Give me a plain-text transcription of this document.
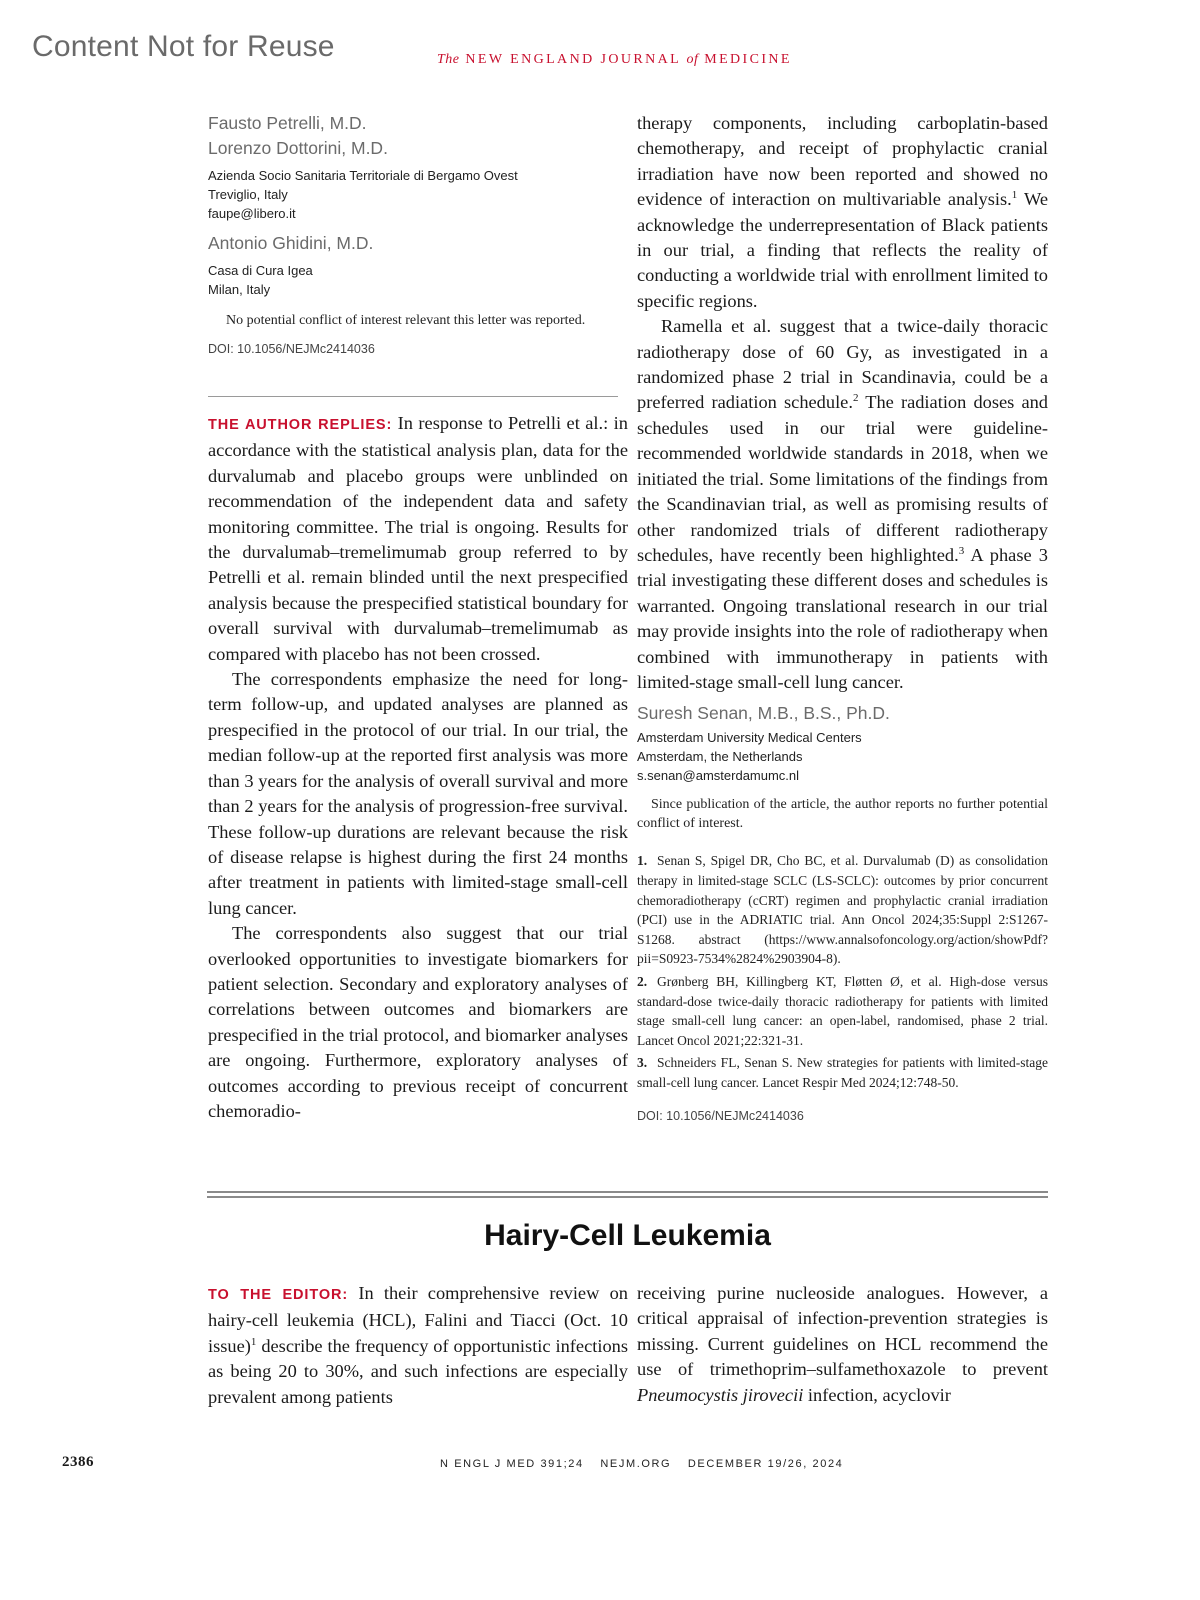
Content Not for Reuse	The NEW ENGLAND JOURNAL of MEDICINE
Fausto Petrelli, M.D.
Lorenzo Dottorini, M.D.
Azienda Socio Sanitaria Territoriale di Bergamo Ovest
Treviglio, Italy
faupe@libero.it
Antonio Ghidini, M.D.
Casa di Cura Igea
Milan, Italy
No potential conflict of interest relevant this letter was reported.
DOI: 10.1056/NEJMc2414036

THE AUTHOR REPLIES: In response to Petrelli et al.: in accordance with the statistical analysis plan, data for the durvalumab and placebo groups were unblinded on recommendation of the independent data and safety monitoring committee. The trial is ongoing. Results for the durvalumab–tremelimumab group referred to by Petrelli et al. remain blinded until the next prespecified analysis because the prespecified statistical boundary for overall survival with durvalumab–tremelimumab as compared with placebo has not been crossed.

The correspondents emphasize the need for long-term follow-up, and updated analyses are planned as prespecified in the protocol of our trial. In our trial, the median follow-up at the reported first analysis was more than 3 years for the analysis of overall survival and more than 2 years for the analysis of progression-free survival. These follow-up durations are relevant because the risk of disease relapse is highest during the first 24 months after treatment in patients with limited-stage small-cell lung cancer.

The correspondents also suggest that our trial overlooked opportunities to investigate biomarkers for patient selection. Secondary and exploratory analyses of correlations between outcomes and biomarkers are prespecified in the trial protocol, and biomarker analyses are ongoing. Furthermore, exploratory analyses of outcomes according to previous receipt of concurrent chemoradio-

therapy components, including carboplatin-based chemotherapy, and receipt of prophylactic cranial irradiation have now been reported and showed no evidence of interaction on multivariable analysis.$^1$ We acknowledge the underrepresentation of Black patients in our trial, a finding that reflects the reality of conducting a worldwide trial with enrollment limited to specific regions.

Ramella et al. suggest that a twice-daily thoracic radiotherapy dose of 60 Gy, as investigated in a randomized phase 2 trial in Scandinavia, could be a preferred radiation schedule.$^2$ The radiation doses and schedules used in our trial were guideline-recommended worldwide standards in 2018, when we initiated the trial. Some limitations of the findings from the Scandinavian trial, as well as promising results of other randomized trials of different radiotherapy schedules, have recently been highlighted.$^3$ A phase 3 trial investigating these different doses and schedules is warranted. Ongoing translational research in our trial may provide insights into the role of radiotherapy when combined with immunotherapy in patients with limited-stage small-cell lung cancer.

Suresh Senan, M.B., B.S., Ph.D.
Amsterdam University Medical Centers
Amsterdam, the Netherlands
s.senan@amsterdamumc.nl
Since publication of the article, the author reports no further potential conflict of interest.
1. Senan S, Spigel DR, Cho BC, et al. Durvalumab (D) as consolidation therapy in limited-stage SCLC (LS-SCLC): outcomes by prior concurrent chemoradiotherapy (cCRT) regimen and prophylactic cranial irradiation (PCI) use in the ADRIATIC trial. Ann Oncol 2024;35:Suppl 2:S1267-S1268. abstract (https://www.annalsofoncology.org/action/showPdf?pii=S0923-7534%2824%2903904-8).
2. Grønberg BH, Killingberg KT, Fløtten Ø, et al. High-dose versus standard-dose twice-daily thoracic radiotherapy for patients with limited stage small-cell lung cancer: an open-label, randomised, phase 2 trial. Lancet Oncol 2021;22:321-31.
3. Schneiders FL, Senan S. New strategies for patients with limited-stage small-cell lung cancer. Lancet Respir Med 2024;12:748-50.
DOI: 10.1056/NEJMc2414036
Hairy-Cell Leukemia

TO THE EDITOR: In their comprehensive review on hairy-cell leukemia (HCL), Falini and Tiacci (Oct. 10 issue)$^1$ describe the frequency of opportunistic infections as being 20 to 30%, and such infections are especially prevalent among patients

receiving purine nucleoside analogues. However, a critical appraisal of infection-prevention strategies is missing. Current guidelines on HCL recommend the use of trimethoprim–sulfamethoxazole to prevent Pneumocystis jirovecii infection, acyclovir

2386	N ENGL J MED 391;24 NEJM.ORG DECEMBER 19/26, 2024
